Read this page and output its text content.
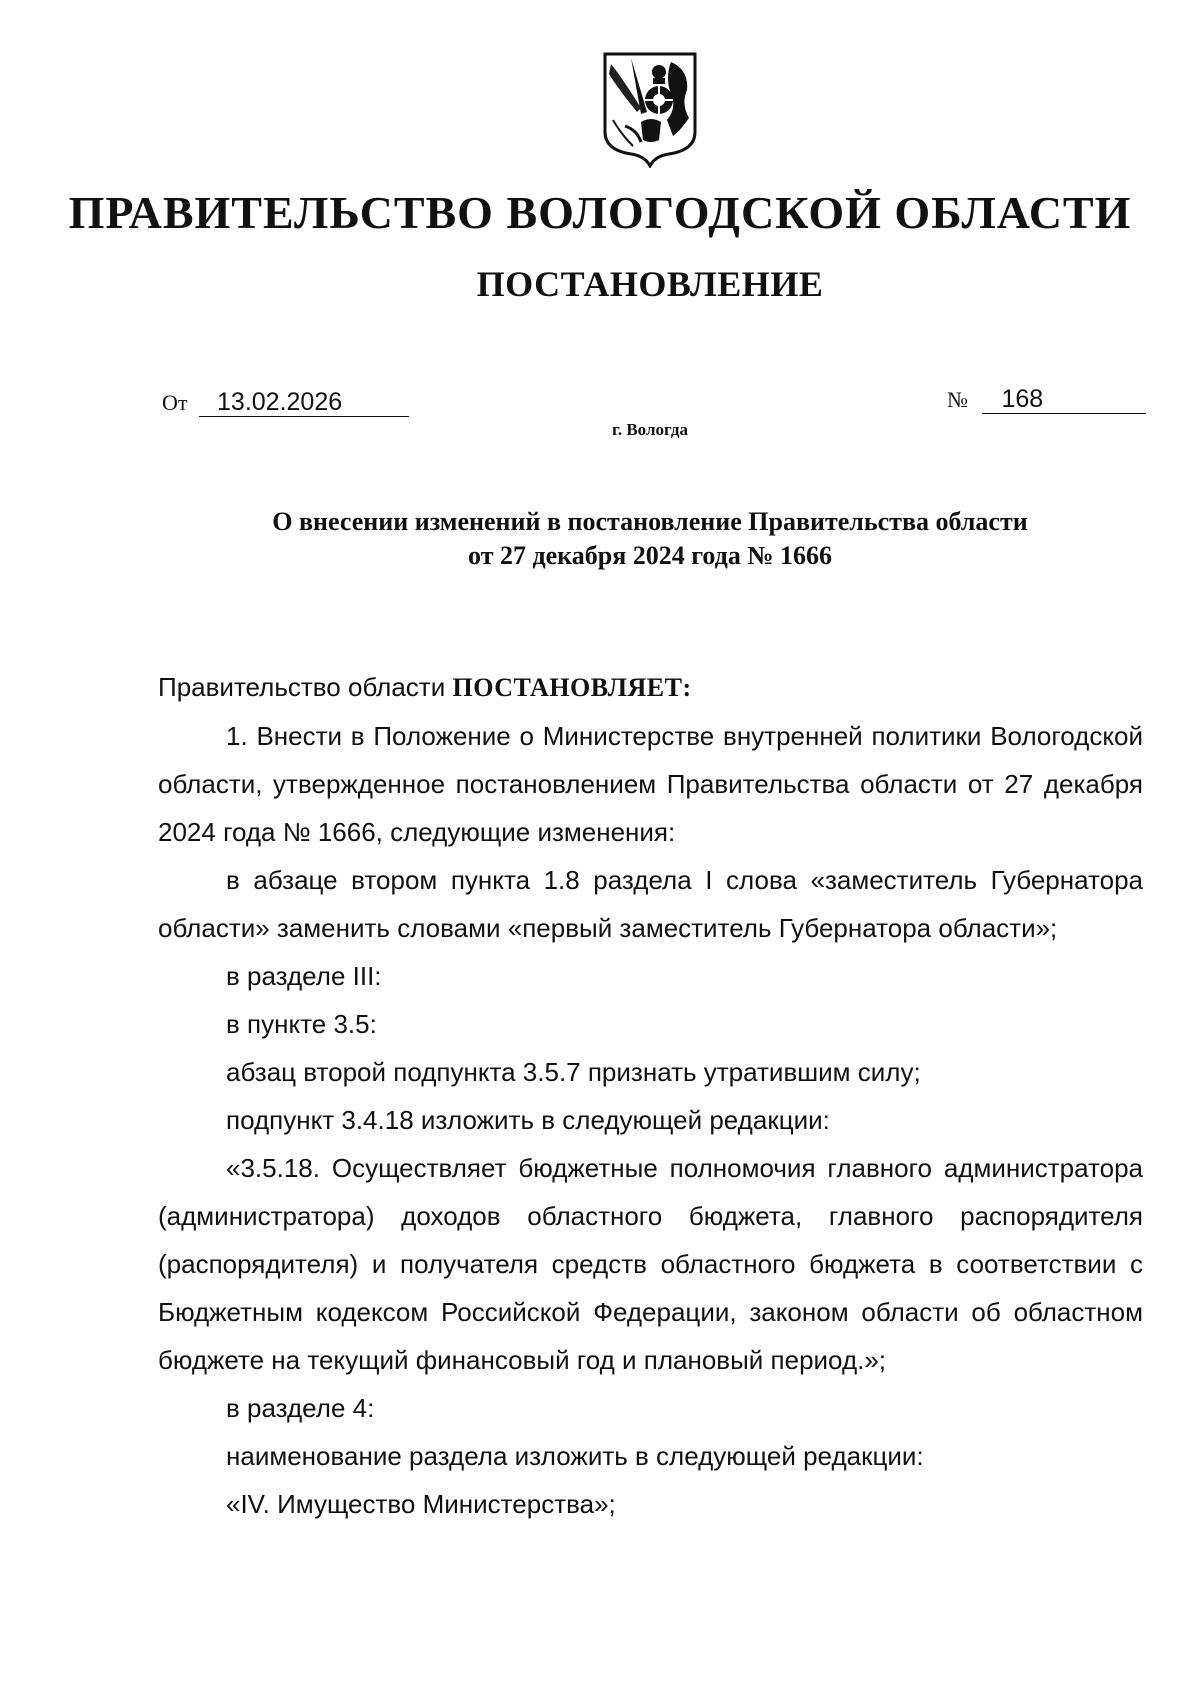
ПРАВИТЕЛЬСТВО ВОЛОГОДСКОЙ ОБЛАСТИ
ПОСТАНОВЛЕНИЕ
От 13.02.2026	№ 168
г. Вологда
О внесении изменений в постановление Правительства области
от 27 декабря 2024 года № 1666

Правительство области ПОСТАНОВЛЯЕТ:

1. Внести в Положение о Министерстве внутренней политики Вологодской области, утвержденное постановлением Правительства области от 27 декабря 2024 года № 1666, следующие изменения:

в абзаце втором пункта 1.8 раздела I слова «заместитель Губернатора области» заменить словами «первый заместитель Губернатора области»;

в разделе III:

в пункте 3.5:

абзац второй подпункта 3.5.7 признать утратившим силу;

подпункт 3.4.18 изложить в следующей редакции:

«3.5.18. Осуществляет бюджетные полномочия главного администратора (администратора) доходов областного бюджета, главного распорядителя (распорядителя) и получателя средств областного бюджета в соответствии с Бюджетным кодексом Российской Федерации, законом области об областном бюджете на текущий финансовый год и плановый период.»;

в разделе 4:

наименование раздела изложить в следующей редакции:

«IV. Имущество Министерства»;
